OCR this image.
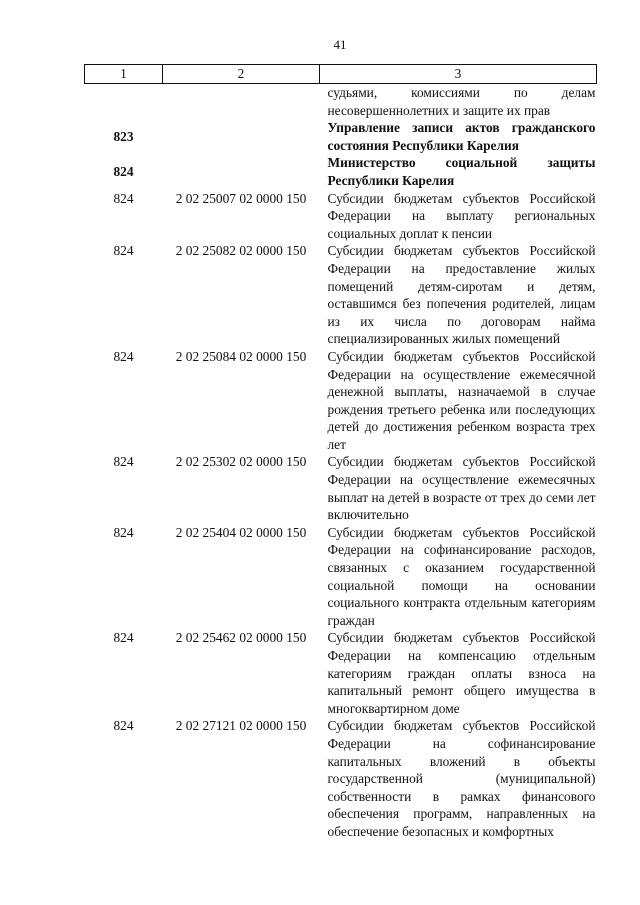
41
1	2	3
		судьями, комиссиями по делам несовершеннолетних и защите их прав
823		Управление записи актов гражданского состояния Республики Карелия
824		Министерство социальной защиты Республики Карелия
824	2 02 25007 02 0000 150	Субсидии бюджетам субъектов Российской Федерации на выплату региональных социальных доплат к пенсии
824	2 02 25082 02 0000 150	Субсидии бюджетам субъектов Российской Федерации на предоставление жилых помещений детям-сиротам и детям, оставшимся без попечения родителей, лицам из их числа по договорам найма специализированных жилых помещений
824	2 02 25084 02 0000 150	Субсидии бюджетам субъектов Российской Федерации на осуществление ежемесячной денежной выплаты, назначаемой в случае рождения третьего ребенка или последующих детей до достижения ребенком возраста трех лет
824	2 02 25302 02 0000 150	Субсидии бюджетам субъектов Российской Федерации на осуществление ежемесячных выплат на детей в возрасте от трех до семи лет включительно
824	2 02 25404 02 0000 150	Субсидии бюджетам субъектов Российской Федерации на софинансирование расходов, связанных с оказанием государственной социальной помощи на основании социального контракта отдельным категориям граждан
824	2 02 25462 02 0000 150	Субсидии бюджетам субъектов Российской Федерации на компенсацию отдельным категориям граждан оплаты взноса на капитальный ремонт общего имущества в многоквартирном доме
824	2 02 27121 02 0000 150	Субсидии бюджетам субъектов Российской Федерации на софинансирование капитальных вложений в объекты государственной (муниципальной) собственности в рамках финансового обеспечения программ, направленных на обеспечение безопасных и комфортных
